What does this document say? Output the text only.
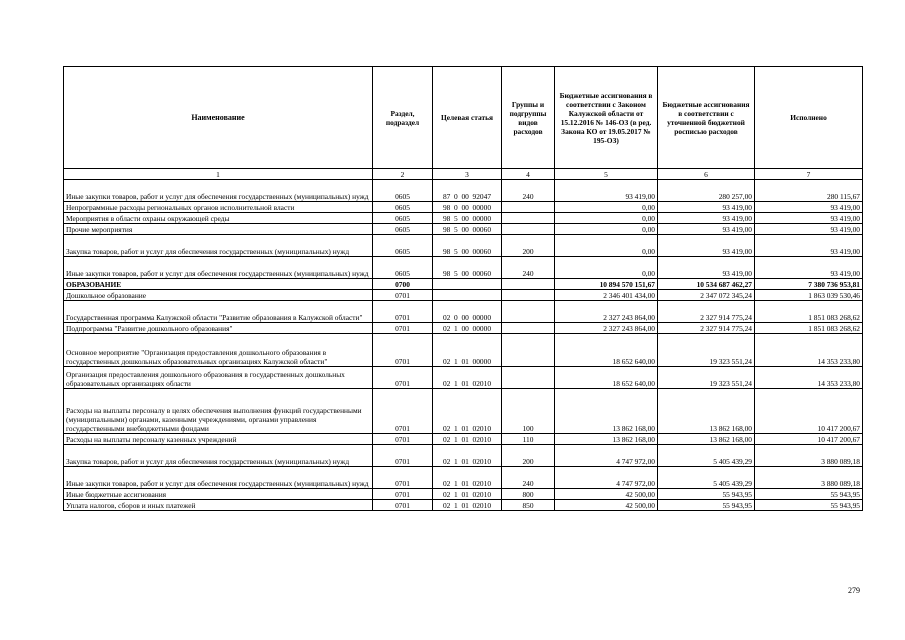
Наименование	Раздел, подраздел	Целевая статья	Группы и подгруппы видов расходов	Бюджетные ассигнования в соответствии с Законом Калужской области от 15.12.2016 № 146-ОЗ (в ред. Закона КО от 19.05.2017 № 195-ОЗ)	Бюджетные ассигнования в соответствии с уточненной бюджетной росписью расходов	Исполнено
1	2	3	4	5	6	7
Иные закупки товаров, работ и услуг для обеспечения государственных (муниципальных) нужд	0605	87  0  00  92047	240	93 419,00	280 257,00	280 115,67
Непрограммные расходы региональных органов исполнительной власти	0605	98  0  00  00000		0,00	93 419,00	93 419,00
Мероприятия в области охраны окружающей среды	0605	98  5  00  00000		0,00	93 419,00	93 419,00
Прочие мероприятия	0605	98  5  00  00060		0,00	93 419,00	93 419,00
Закупка товаров, работ и услуг для обеспечения государственных (муниципальных) нужд	0605	98  5  00  00060	200	0,00	93 419,00	93 419,00
Иные закупки товаров, работ и услуг для обеспечения государственных (муниципальных) нужд	0605	98  5  00  00060	240	0,00	93 419,00	93 419,00
ОБРАЗОВАНИЕ	0700			10 894 570 151,67	10 534 687 462,27	7 380 736 953,81
Дошкольное образование	0701			2 346 401 434,00	2 347 072 345,24	1 863 039 530,46
Государственная программа Калужской области "Развитие образования в Калужской области"	0701	02  0  00  00000		2 327 243 864,00	2 327 914 775,24	1 851 083 268,62
Подпрограмма "Развитие дошкольного образования"	0701	02  1  00  00000		2 327 243 864,00	2 327 914 775,24	1 851 083 268,62
Основное мероприятие "Организация предоставления дошкольного образования в государственных дошкольных образовательных организациях Калужской области"	0701	02  1  01  00000		18 652 640,00	19 323 551,24	14 353 233,80
Организация предоставления дошкольного образования в государственных дошкольных образовательных организациях области	0701	02  1  01  02010		18 652 640,00	19 323 551,24	14 353 233,80
Расходы на выплаты персоналу в целях обеспечения выполнения функций государственными (муниципальными) органами, казенными учреждениями, органами управления государственными внебюджетными фондами	0701	02  1  01  02010	100	13 862 168,00	13 862 168,00	10 417 200,67
Расходы на выплаты персоналу казенных учреждений	0701	02  1  01  02010	110	13 862 168,00	13 862 168,00	10 417 200,67
Закупка товаров, работ и услуг для обеспечения государственных (муниципальных) нужд	0701	02  1  01  02010	200	4 747 972,00	5 405 439,29	3 880 089,18
Иные закупки товаров, работ и услуг для обеспечения государственных (муниципальных) нужд	0701	02  1  01  02010	240	4 747 972,00	5 405 439,29	3 880 089,18
Иные бюджетные ассигнования	0701	02  1  01  02010	800	42 500,00	55 943,95	55 943,95
Уплата налогов, сборов и иных платежей	0701	02  1  01  02010	850	42 500,00	55 943,95	55 943,95
279
